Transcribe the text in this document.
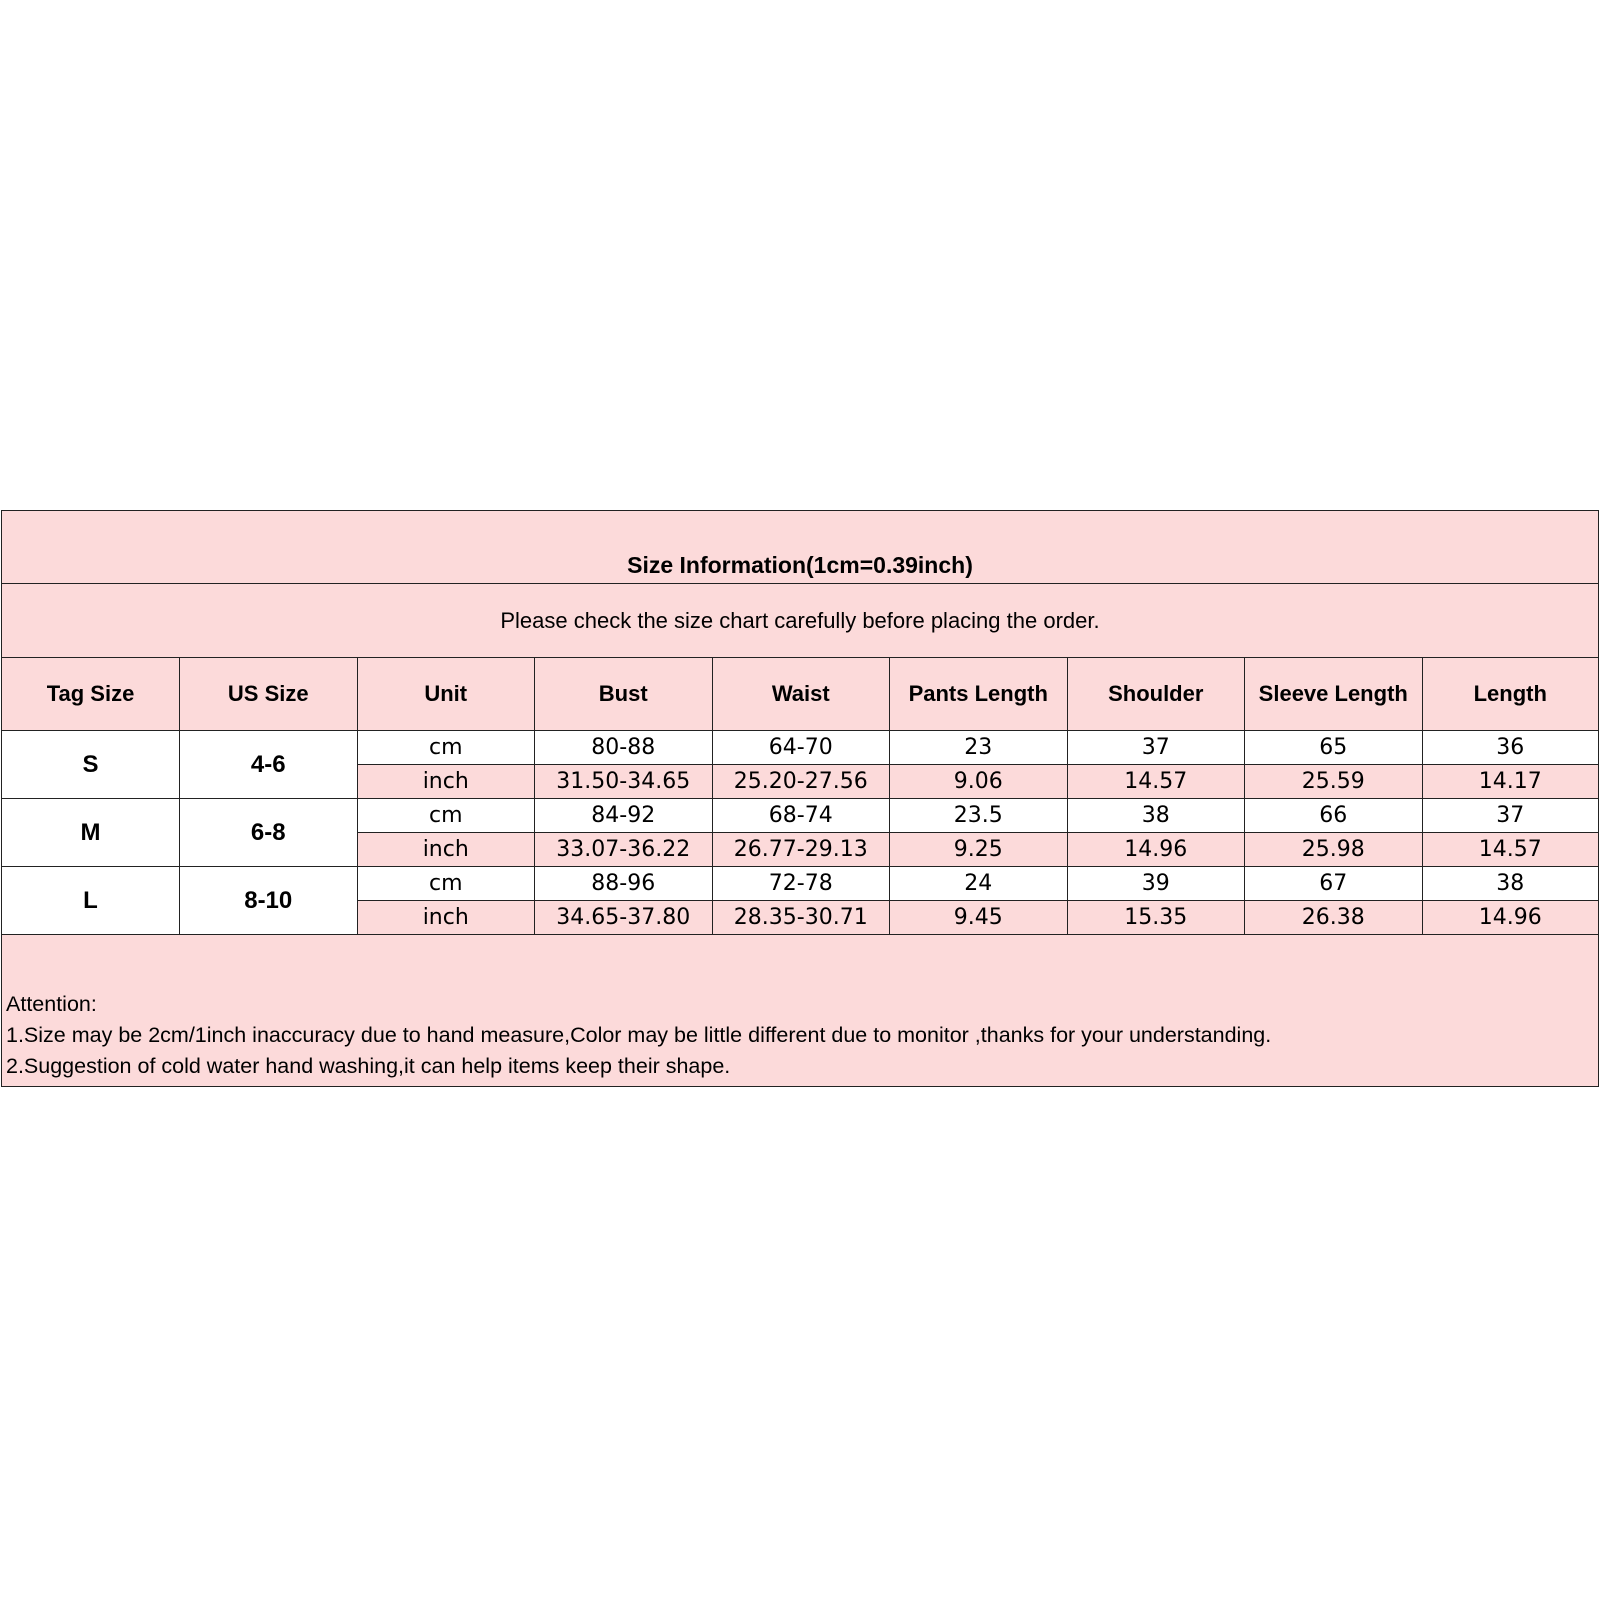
Size Information(1cm=0.39inch)
Please check the size chart carefully before placing the order.
Tag Size	US Size	Unit	Bust	Waist	Pants Length	Shoulder	Sleeve Length	Length
S	4-6	cm	80-88	64-70	23	37	65	36
		inch	31.50-34.65	25.20-27.56	9.06	14.57	25.59	14.17
M	6-8	cm	84-92	68-74	23.5	38	66	37
		inch	33.07-36.22	26.77-29.13	9.25	14.96	25.98	14.57
L	8-10	cm	88-96	72-78	24	39	67	38
		inch	34.65-37.80	28.35-30.71	9.45	15.35	26.38	14.96
Attention:
1.Size may be 2cm/1inch inaccuracy due to hand measure,Color may be little different due to monitor ,thanks for your understanding.
2.Suggestion of cold water hand washing,it can help items keep their shape.
